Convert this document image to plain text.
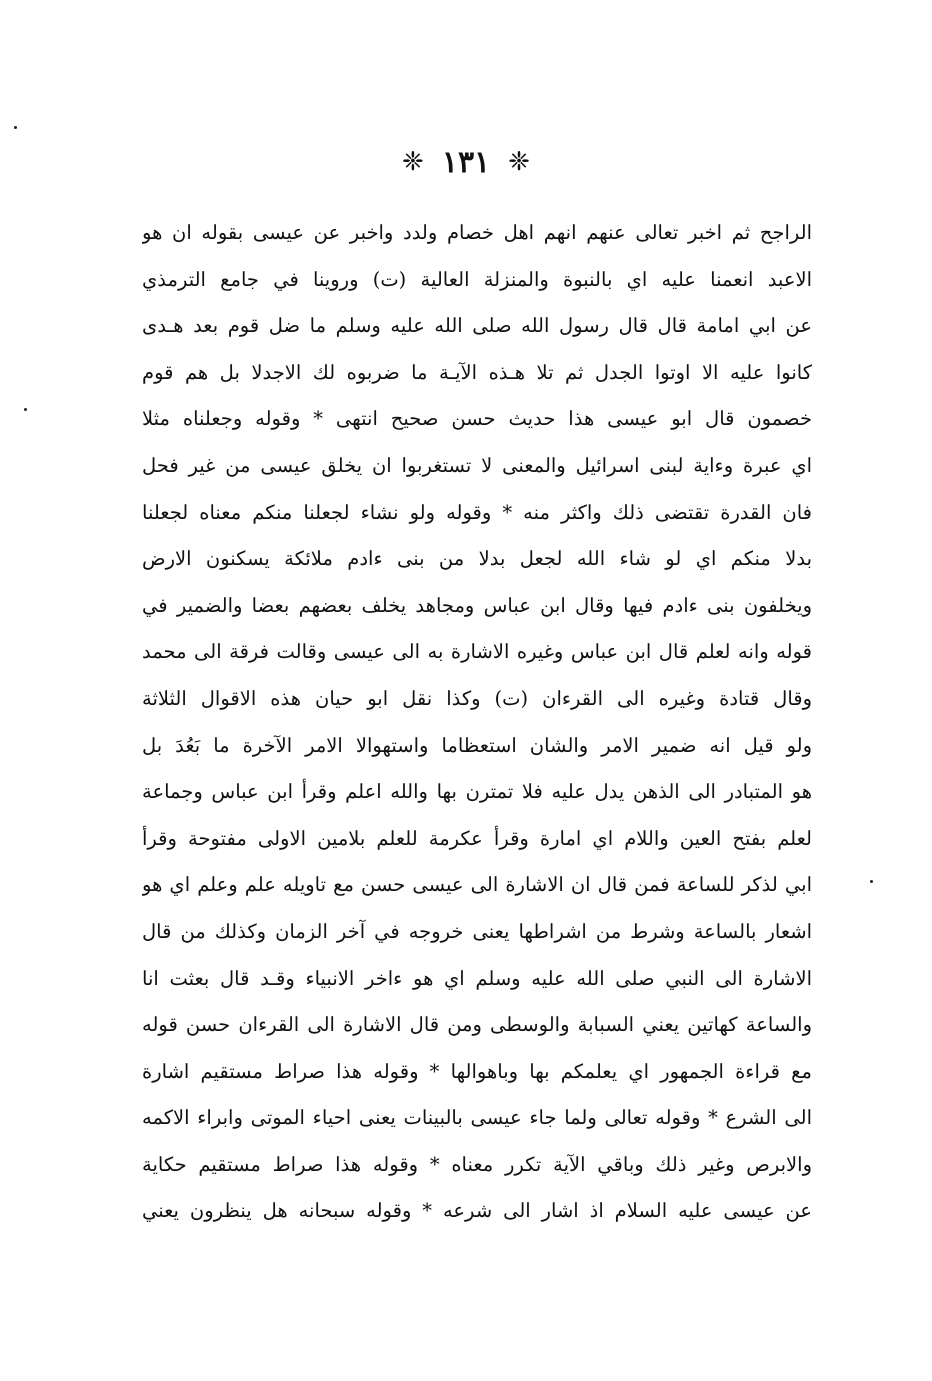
❈ ١٣١ ❈
الراجح ثم اخبر تعالى عنهم انهم اهل خصام ولدد واخبر عن عيسى بقوله ان هو
الاعبد انعمنا عليه اي بالنبوة والمنزلة العالية (ت) وروينا في جامع الترمذي
عن ابي امامة قال قال رسول الله صلى الله عليه وسلم ما ضل قوم بعد هـدى
كانوا عليه الا اوتوا الجدل ثم تلا هـذه الآيـة ما ضربوه لك الاجدلا بل هم قوم
خصمون قال ابو عيسى هذا حديث حسن صحيح انتهى * وقوله وجعلناه مثلا
اي عبرة وءاية لبنى اسرائيل والمعنى لا تستغربوا ان يخلق عيسى من غير فحل
فان القدرة تقتضى ذلك واكثر منه * وقوله ولو نشاء لجعلنا منكم معناه لجعلنا
بدلا منكم اي لو شاء الله لجعل بدلا من بنى ءادم ملائكة يسكنون الارض
ويخلفون بنى ءادم فيها وقال ابن عباس ومجاهد يخلف بعضهم بعضا والضمير في
قوله وانه لعلم قال ابن عباس وغيره الاشارة به الى عيسى وقالت فرقة الى محمد
وقال قتادة وغيره الى القرءان (ت) وكذا نقل ابو حيان هذه الاقوال الثلاثة
ولو قيل انه ضمير الامر والشان استعظاما واستهوالا الامر الآخرة ما بَعُدَ بل
هو المتبادر الى الذهن يدل عليه فلا تمترن بها والله اعلم وقرأ ابن عباس وجماعة
لعلم بفتح العين واللام اي امارة وقرأ عكرمة للعلم بلامين الاولى مفتوحة وقرأ
ابي لذكر للساعة فمن قال ان الاشارة الى عيسى حسن مع تاويله علم وعلم اي هو
اشعار بالساعة وشرط من اشراطها يعنى خروجه في آخر الزمان وكذلك من قال
الاشارة الى النبي صلى الله عليه وسلم اي هو ءاخر الانبياء وقـد قال بعثت انا
والساعة كهاتين يعني السبابة والوسطى ومن قال الاشارة الى القرءان حسن قوله
مع قراءة الجمهور اي يعلمكم بها وباهوالها * وقوله هذا صراط مستقيم اشارة
الى الشرع * وقوله تعالى ولما جاء عيسى بالبينات يعنى احياء الموتى وابراء الاكمه
والابرص وغير ذلك وباقي الآية تكرر معناه * وقوله هذا صراط مستقيم حكاية
عن عيسى عليه السلام اذ اشار الى شرعه * وقوله سبحانه هل ينظرون يعني
